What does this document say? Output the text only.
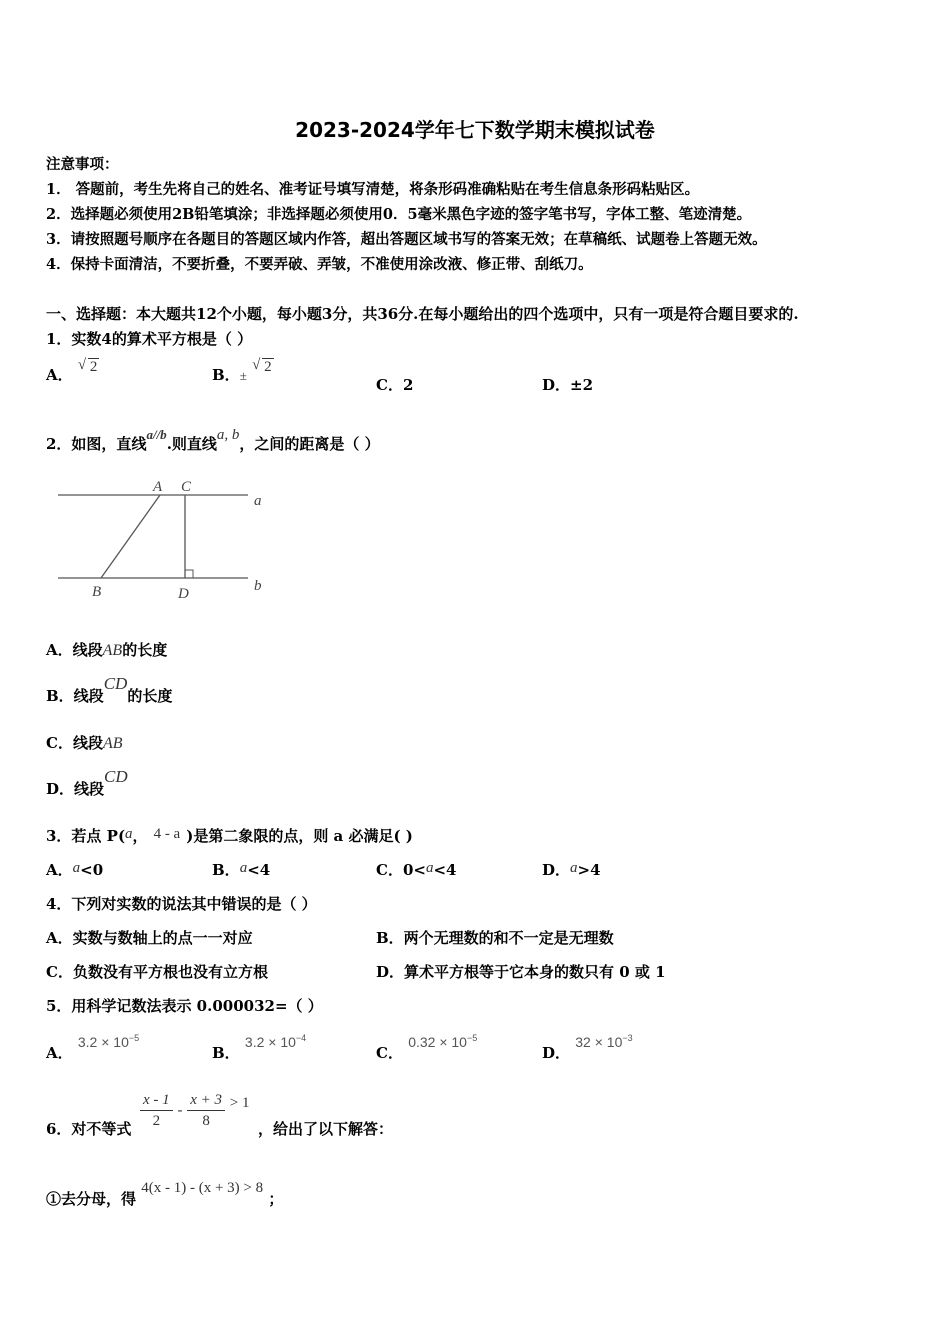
2023-2024学年七下数学期末模拟试卷
注意事项：
1． 答题前，考生先将自己的姓名、准考证号填写清楚，将条形码准确粘贴在考生信息条形码粘贴区。
2．选择题必须使用2B铅笔填涂；非选择题必须使用0．5毫米黑色字迹的签字笔书写，字体工整、笔迹清楚。
3．请按照题号顺序在各题目的答题区域内作答，超出答题区域书写的答案无效；在草稿纸、试题卷上答题无效。
4．保持卡面清洁，不要折叠，不要弄破、弄皱，不准使用涂改液、修正带、刮纸刀。
一、选择题：本大题共12个小题，每小题3分，共36分.在每小题给出的四个选项中，只有一项是符合题目要求的.
1．实数4的算术平方根是（ ）
A．
√ 2	B．±
√ 2
C．2	D．±2
2．如图，直线a//b.则直线a, b，之间的距离是（ ）
A C
a
B	D	b
A．线段AB的长度
B．线段CD的长度
C．线段AB
D．线段CD
3．若点 P(a， 4 - a )是第二象限的点，则 a 必满足( )
A．a<0	B．a<4	C．0<a<4	D．a>4
4．下列对实数的说法其中错误的是（ ）
A．实数与数轴上的点一一对应	B．两个无理数的和不一定是无理数
C．负数没有平方根也没有立方根	D．算术平方根等于它本身的数只有 0 或 1
5．用科学记数法表示 0.000032=（ ）
A． $3.2 \times 10^{-5}$
B． $3.2 \times 10^{-4}$
C． $0.32 \times 10^{-5}$
D． $32 \times 10^{-3}$
6．对不等式 $\frac{x - 1}{2} - \frac{x + 3}{8} > 1$
，给出了以下解答：
①去分母，得 4(x - 1) - (x + 3) > 8 ；
